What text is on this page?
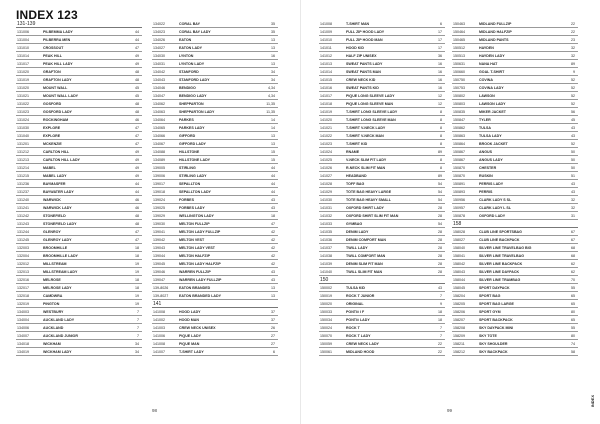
INDEX 123
131-139
131006	PILBEMMA LADY	44
131004	PILBERRA MEN	44
131010	CROSSOUT	47
131014	PEAK HILL	49
131017	PEAK HILL LADY	49
131020	GRAFTON	48
131019	GRAFTON LADY	48
131020	MOUNT WALL	45
131021	MOUNT WALL LADY	45
131022	GOSFORD	48
131023	GOSFORD LADY	48
131024	ROCKINGHAM	46
131030	EXPLORE	47
131040	EXPLORE	47
131201	MCKENZIE	47
131212	CARLTON HILL	49
131213	CARLTON HILL LADY	49
131214	MABEL	49
131215	MABEL LADY	49
131236	BAYMASFER	44
131237	BAYWATER LADY	44
131240	WARWICK	46
131241	WARWICK LADY	46
131242	STONEFIELD	48
131243	STONEFIELD LADY	48
131244	GLENROY	47
131245	GLENROY LADY	47
132003	BROOMHILLE	18
132004	BROOMHILLE LADY	18
132012	MILLSTREAM	19
132013	MILLSTREAM LADY	19
132016	MELROSE	18
132017	MELROSE LADY	18
132018	CAMDWRA	19
132019	PINGTON	19
134003	WESTBURY	7
134004	AUCKLAND LADY	7
134006	AUCKLAND	7
134007	AUCKLAND JUNIOR	7
134018	WICKHAM	34
134019	WICKHAM LADY	34
134022	CORAL BAY	35
134023	CORAL BAY LADY	35
134026	EATON	13
134027	EATON LADY	13
134030	LYNTON	16
134031	LYNTON LADY	13
134042	STANFORD	34
134043	STANFORD LADY	34
134046	BENDIGO	4,34
134047	BENDIGO LADY	4,34
134062	SHEPPARTON	11,35
134063	SHEPPARTON LADY	11,35
134064	PARKES	14
134065	PARKES LADY	14
134066	GIFFORD	13
134067	GIFFORD LADY	13
134088	HILLSTONE	15
134089	HILLSTONE LADY	15
139005	STIRLING	44
139006	STIRLING LADY	44
139017	SEPALLTON	44
139018	SEPALLTON LADY	44
139024	FORBES	43
139025	FORBES LADY	43
139029	WELLINGTON LADY	18
139030	MELTON FULLZIP	47
139041	MELTON LADY FULLZIP	42
139042	MELTON VEST	42
139043	MELTON LADY VEST	42
139044	MELTON HALFZIP	42
139045	MELTON LADY HALFZIP	42
139046	WARREN FULLZIP	43
139047	WARREN LADY FULLZIP	43
139-8026	EATON BRANDED	13
139-8027	EATON BRANDED LADY	13
141
141008	HOOD LADY	37
141002	HOOD MAN	37
141003	CREW NECK UNISEX	26
141006	PIQUE LADY	27
141008	PIQUE MAN	27
141007	T-SHIRT LADY	6
141008	T-SHIRT MAN	6
141009	FULL ZIP HOOD LADY	17
141010	FULL ZIP HOOD MAN	17
141011	HOOD KID	17
141012	HALF ZIP UNISEX	36
141013	SWEAT PANTS LADY	16
141014	SWEAT PANTS MAN	16
141015	CREW NECK KID	16
141016	SWEAT PANTS KID	16
141017	PIQUE LONG SLEEVE LADY	12
141018	PIQUE LONG SLEEVE MAN	12
141019	T-SHIRT LONG SLEEVE LADY	8
141020	T-SHIRT LONG SLEEVE MAN	8
141021	T-SHIRT V-NECK LADY	8
141022	T-SHIRT V-NECK MAN	8
141023	T-SHIRT KID	8
141024	RNAME	89
141025	V-NECK SLIM FIT LADY	8
141026	R-NECK SLIM FIT MAN	8
141027	HEADBAND	89
141028	TOFF BAG	54
141029	TOTE BAG HEAVY LARGE	54
141030	TOTE BAG HEAVY SMALL	54
141031	OXFORD SHIRT LADY	28
141032	OXFORD SHIRT SLIM FIT MAN	28
141033	GYMBAG	54
141035	DENIM LADY	28
141036	DENIM COMFORT MAN	28
141037	TWILL LADY	28
141038	TWILL COMFORT MAN	28
141039	DENIM SLIM FIT MAN	28
141040	TWILL SLIM FIT MAN	28
150
150002	TULSA KID	43
150019	ROCK T JUNIOR	7
150020	ORIGINAL	9
150033	PONTI# I F	18
150034	PONTI# LADY	18
150024	ROCK T	7
150070	ROCK T LADY	7
150059	CREW NECK LADY	22
150061	MIDLAND HOOD	22
150463	MIDLAND FULLZIP	22
150464	MIDLAND HALFZIP	22
150465	MIDLAND PANTS	23
150512	HAYDEN	32
150513	HAYDEN LADY	32
150631	NANA HAT	89
150660	GOAL T-SHIRT	9
150750	COVINA	52
150753	COVINA LADY	52
150802	LAWSON	52
150803	LAWSON LADY	52
150835	MIKER JACKET	56
150847	TYLER	45
150862	TULSA	43
150863	TULSA LADY	43
150864	BROOK JACKET	52
150867	ANGUS	50
150867	ANGUS LADY	50
150870	CHESTER	50
150870	RUSKIN	51
150891	PERRIS LADY	43
150893	PERRIS	43
150956	CLARK LADY S SL	32
150957	CLARK LADY L SL	32
150878	OXFORD LADY	31
158
158028	CLUB LINE SPORTSBAG	67
158027	CLUB LINE BACKPACK	67
158040	SILVER LINE TRAVELBAG BIG	68
158041	SILVER LINE TRAVELBAG	68
158042	SILVER LINE BACKPACK	62
158043	SILVER LINE DAYPACK	62
158044	SILVER LINE TRAMBAG	70
158045	SPORT DAYPACK	55
158204	SPORT BAG	65
158205	SPORT BAG LARGE	65
158206	SPORT GYM	80
158207	SPORT BACKPACK	65
158208	SKY DAYPACK MINI	55
158209	SKY TOTE	80
158211	SKY SHOULDER	74
158212	SKY BACKPACK	58
98	99
INDEX
